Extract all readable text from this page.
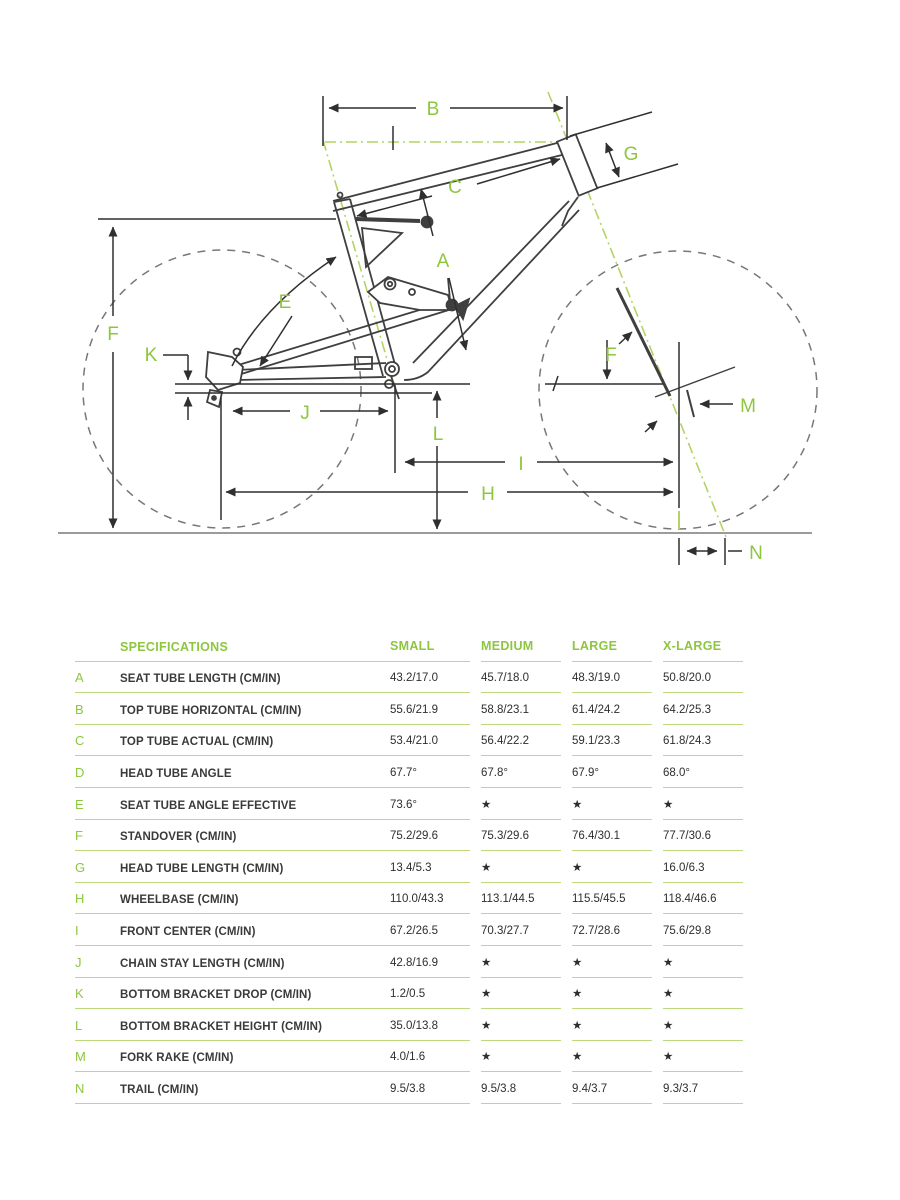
B
G
C
A
E
F
K
J
L
I
H
F
M
N
SPECIFICATIONS	SMALL	MEDIUM	LARGE	X-LARGE
A	SEAT TUBE LENGTH (CM/IN)	43.2/17.0	45.7/18.0	48.3/19.0	50.8/20.0
B	TOP TUBE HORIZONTAL (CM/IN)	55.6/21.9	58.8/23.1	61.4/24.2	64.2/25.3
C	TOP TUBE ACTUAL (CM/IN)	53.4/21.0	56.4/22.2	59.1/23.3	61.8/24.3
D	HEAD TUBE ANGLE	67.7°	67.8°	67.9°	68.0°
E	SEAT TUBE ANGLE EFFECTIVE	73.6°	★	★	★
F	STANDOVER (CM/IN)	75.2/29.6	75.3/29.6	76.4/30.1	77.7/30.6
G	HEAD TUBE LENGTH (CM/IN)	13.4/5.3	★	★	16.0/6.3
H	WHEELBASE (CM/IN)	110.0/43.3	113.1/44.5	115.5/45.5	118.4/46.6
I	FRONT CENTER (CM/IN)	67.2/26.5	70.3/27.7	72.7/28.6	75.6/29.8
J	CHAIN STAY LENGTH (CM/IN)	42.8/16.9	★	★	★
K	BOTTOM BRACKET DROP (CM/IN)	1.2/0.5	★	★	★
L	BOTTOM BRACKET HEIGHT (CM/IN)	35.0/13.8	★	★	★
M	FORK RAKE (CM/IN)	4.0/1.6	★	★	★
N	TRAIL (CM/IN)	9.5/3.8	9.5/3.8	9.4/3.7	9.3/3.7
